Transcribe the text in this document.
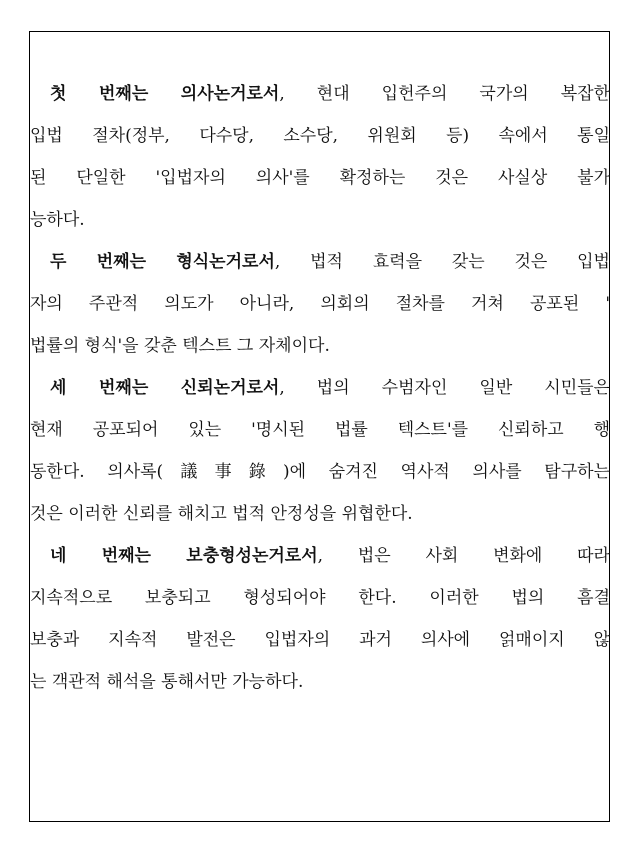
첫 번째는 의사논거로서, 현대 입헌주의 국가의 복잡한
입법 절차(정부, 다수당, 소수당, 위원회 등) 속에서 통일
된 단일한 '입법자의 의사'를 확정하는 것은 사실상 불가
능하다.
두 번째는 형식논거로서, 법적 효력을 갖는 것은 입법
자의 주관적 의도가 아니라, 의회의 절차를 거쳐 공포된 '
법률의 형식'을 갖춘 텍스트 그 자체이다.
세 번째는 신뢰논거로서, 법의 수범자인 일반 시민들은
현재 공포되어 있는 '명시된 법률 텍스트'를 신뢰하고 행
동한다. 의사록(議事錄)에 숨겨진 역사적 의사를 탐구하는
것은 이러한 신뢰를 해치고 법적 안정성을 위협한다.
네 번째는 보충형성논거로서, 법은 사회 변화에 따라
지속적으로 보충되고 형성되어야 한다. 이러한 법의 흠결
보충과 지속적 발전은 입법자의 과거 의사에 얽매이지 않
는 객관적 해석을 통해서만 가능하다.
